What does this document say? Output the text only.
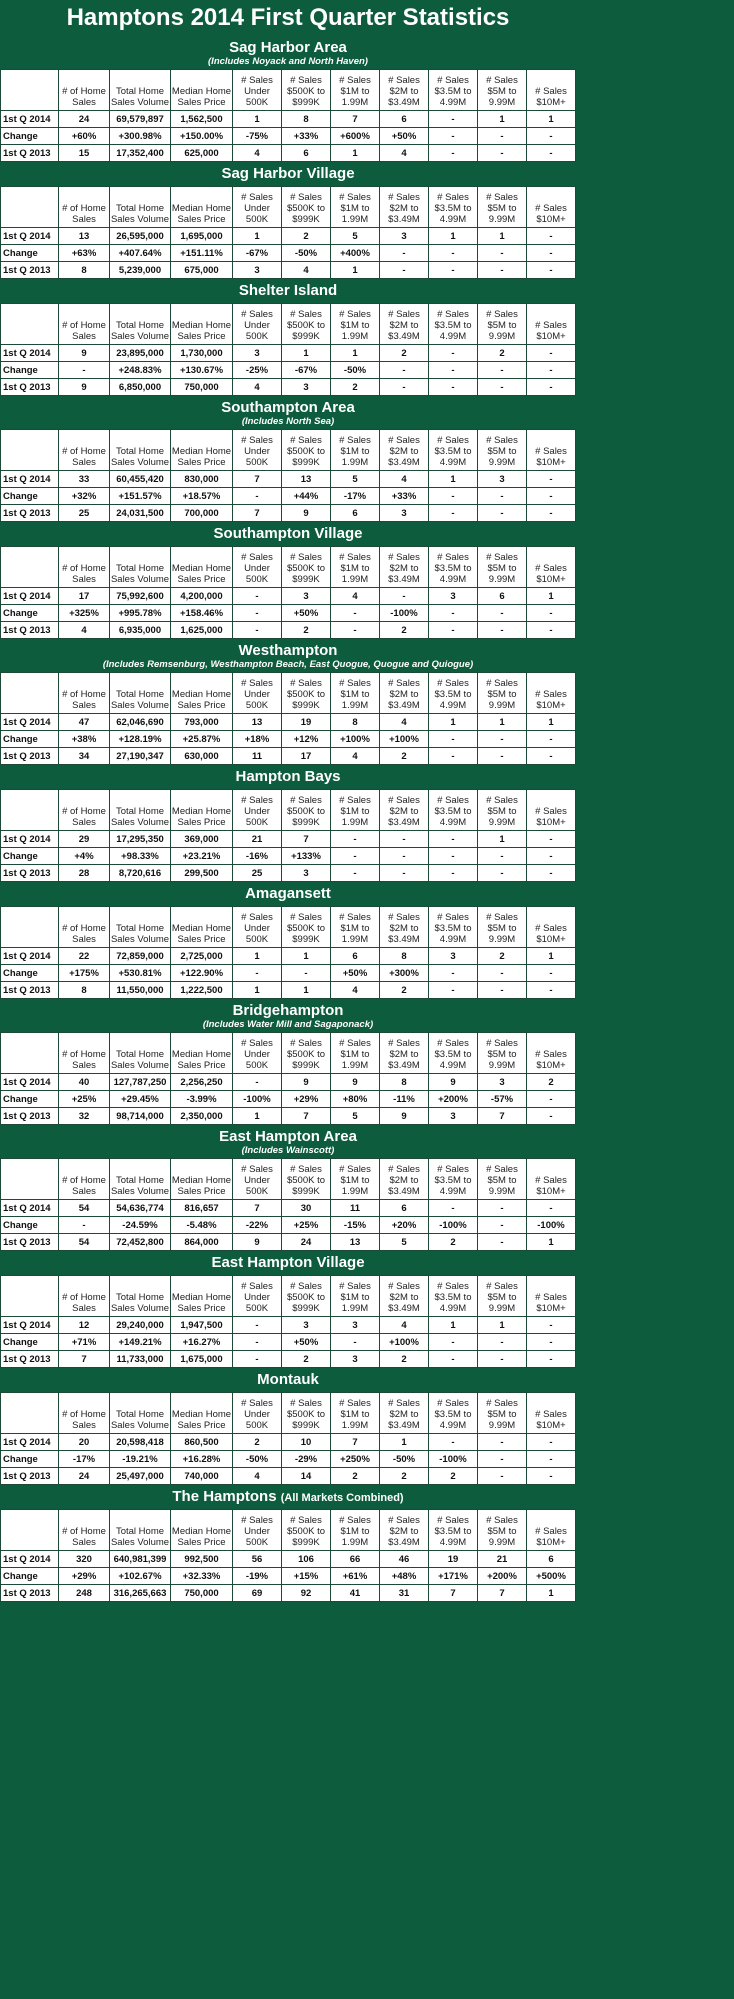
Hamptons 2014 First Quarter Statistics
Sag Harbor Area
(Includes Noyack and North Haven)
	# of Home Sales	Total Home Sales Volume	Median Home Sales Price	# Sales Under 500K	# Sales $500K to $999K	# Sales $1M to 1.99M	# Sales $2M to $3.49M	# Sales $3.5M to 4.99M	# Sales $5M to 9.99M	# Sales $10M+
1st Q 2014	24	69,579,897	1,562,500	1	8	7	6	-	1	1
Change	+60%	+300.98%	+150.00%	-75%	+33%	+600%	+50%	-	-	-
1st Q 2013	15	17,352,400	625,000	4	6	1	4	-	-	-
Sag Harbor Village
	# of Home Sales	Total Home Sales Volume	Median Home Sales Price	# Sales Under 500K	# Sales $500K to $999K	# Sales $1M to 1.99M	# Sales $2M to $3.49M	# Sales $3.5M to 4.99M	# Sales $5M to 9.99M	# Sales $10M+
1st Q 2014	13	26,595,000	1,695,000	1	2	5	3	1	1	-
Change	+63%	+407.64%	+151.11%	-67%	-50%	+400%	-	-	-	-
1st Q 2013	8	5,239,000	675,000	3	4	1	-	-	-	-
Shelter Island
	# of Home Sales	Total Home Sales Volume	Median Home Sales Price	# Sales Under 500K	# Sales $500K to $999K	# Sales $1M to 1.99M	# Sales $2M to $3.49M	# Sales $3.5M to 4.99M	# Sales $5M to 9.99M	# Sales $10M+
1st Q 2014	9	23,895,000	1,730,000	3	1	1	2	-	2	-
Change	-	+248.83%	+130.67%	-25%	-67%	-50%	-	-	-	-
1st Q 2013	9	6,850,000	750,000	4	3	2	-	-	-	-
Southampton Area
(Includes North Sea)
	# of Home Sales	Total Home Sales Volume	Median Home Sales Price	# Sales Under 500K	# Sales $500K to $999K	# Sales $1M to 1.99M	# Sales $2M to $3.49M	# Sales $3.5M to 4.99M	# Sales $5M to 9.99M	# Sales $10M+
1st Q 2014	33	60,455,420	830,000	7	13	5	4	1	3	-
Change	+32%	+151.57%	+18.57%	-	+44%	-17%	+33%	-	-	-
1st Q 2013	25	24,031,500	700,000	7	9	6	3	-	-	-
Southampton Village
	# of Home Sales	Total Home Sales Volume	Median Home Sales Price	# Sales Under 500K	# Sales $500K to $999K	# Sales $1M to 1.99M	# Sales $2M to $3.49M	# Sales $3.5M to 4.99M	# Sales $5M to 9.99M	# Sales $10M+
1st Q 2014	17	75,992,600	4,200,000	-	3	4	-	3	6	1
Change	+325%	+995.78%	+158.46%	-	+50%	-	-100%	-	-	-
1st Q 2013	4	6,935,000	1,625,000	-	2	-	2	-	-	-
Westhampton
(Includes Remsenburg, Westhampton Beach, East Quogue, Quogue and Quiogue)
	# of Home Sales	Total Home Sales Volume	Median Home Sales Price	# Sales Under 500K	# Sales $500K to $999K	# Sales $1M to 1.99M	# Sales $2M to $3.49M	# Sales $3.5M to 4.99M	# Sales $5M to 9.99M	# Sales $10M+
1st Q 2014	47	62,046,690	793,000	13	19	8	4	1	1	1
Change	+38%	+128.19%	+25.87%	+18%	+12%	+100%	+100%	-	-	-
1st Q 2013	34	27,190,347	630,000	11	17	4	2	-	-	-
Hampton Bays
	# of Home Sales	Total Home Sales Volume	Median Home Sales Price	# Sales Under 500K	# Sales $500K to $999K	# Sales $1M to 1.99M	# Sales $2M to $3.49M	# Sales $3.5M to 4.99M	# Sales $5M to 9.99M	# Sales $10M+
1st Q 2014	29	17,295,350	369,000	21	7	-	-	-	1	-
Change	+4%	+98.33%	+23.21%	-16%	+133%	-	-	-	-	-
1st Q 2013	28	8,720,616	299,500	25	3	-	-	-	-	-
Amagansett
	# of Home Sales	Total Home Sales Volume	Median Home Sales Price	# Sales Under 500K	# Sales $500K to $999K	# Sales $1M to 1.99M	# Sales $2M to $3.49M	# Sales $3.5M to 4.99M	# Sales $5M to 9.99M	# Sales $10M+
1st Q 2014	22	72,859,000	2,725,000	1	1	6	8	3	2	1
Change	+175%	+530.81%	+122.90%	-	-	+50%	+300%	-	-	-
1st Q 2013	8	11,550,000	1,222,500	1	1	4	2	-	-	-
Bridgehampton
(Includes Water Mill and Sagaponack)
	# of Home Sales	Total Home Sales Volume	Median Home Sales Price	# Sales Under 500K	# Sales $500K to $999K	# Sales $1M to 1.99M	# Sales $2M to $3.49M	# Sales $3.5M to 4.99M	# Sales $5M to 9.99M	# Sales $10M+
1st Q 2014	40	127,787,250	2,256,250	-	9	9	8	9	3	2
Change	+25%	+29.45%	-3.99%	-100%	+29%	+80%	-11%	+200%	-57%	-
1st Q 2013	32	98,714,000	2,350,000	1	7	5	9	3	7	-
East Hampton Area
(Includes Wainscott)
	# of Home Sales	Total Home Sales Volume	Median Home Sales Price	# Sales Under 500K	# Sales $500K to $999K	# Sales $1M to 1.99M	# Sales $2M to $3.49M	# Sales $3.5M to 4.99M	# Sales $5M to 9.99M	# Sales $10M+
1st Q 2014	54	54,636,774	816,657	7	30	11	6	-	-	-
Change	-	-24.59%	-5.48%	-22%	+25%	-15%	+20%	-100%	-	-100%
1st Q 2013	54	72,452,800	864,000	9	24	13	5	2	-	1
East Hampton Village
	# of Home Sales	Total Home Sales Volume	Median Home Sales Price	# Sales Under 500K	# Sales $500K to $999K	# Sales $1M to 1.99M	# Sales $2M to $3.49M	# Sales $3.5M to 4.99M	# Sales $5M to 9.99M	# Sales $10M+
1st Q 2014	12	29,240,000	1,947,500	-	3	3	4	1	1	-
Change	+71%	+149.21%	+16.27%	-	+50%	-	+100%	-	-	-
1st Q 2013	7	11,733,000	1,675,000	-	2	3	2	-	-	-
Montauk
	# of Home Sales	Total Home Sales Volume	Median Home Sales Price	# Sales Under 500K	# Sales $500K to $999K	# Sales $1M to 1.99M	# Sales $2M to $3.49M	# Sales $3.5M to 4.99M	# Sales $5M to 9.99M	# Sales $10M+
1st Q 2014	20	20,598,418	860,500	2	10	7	1	-	-	-
Change	-17%	-19.21%	+16.28%	-50%	-29%	+250%	-50%	-100%	-	-
1st Q 2013	24	25,497,000	740,000	4	14	2	2	2	-	-
The Hamptons (All Markets Combined)
	# of Home Sales	Total Home Sales Volume	Median Home Sales Price	# Sales Under 500K	# Sales $500K to $999K	# Sales $1M to 1.99M	# Sales $2M to $3.49M	# Sales $3.5M to 4.99M	# Sales $5M to 9.99M	# Sales $10M+
1st Q 2014	320	640,981,399	992,500	56	106	66	46	19	21	6
Change	+29%	+102.67%	+32.33%	-19%	+15%	+61%	+48%	+171%	+200%	+500%
1st Q 2013	248	316,265,663	750,000	69	92	41	31	7	7	1
